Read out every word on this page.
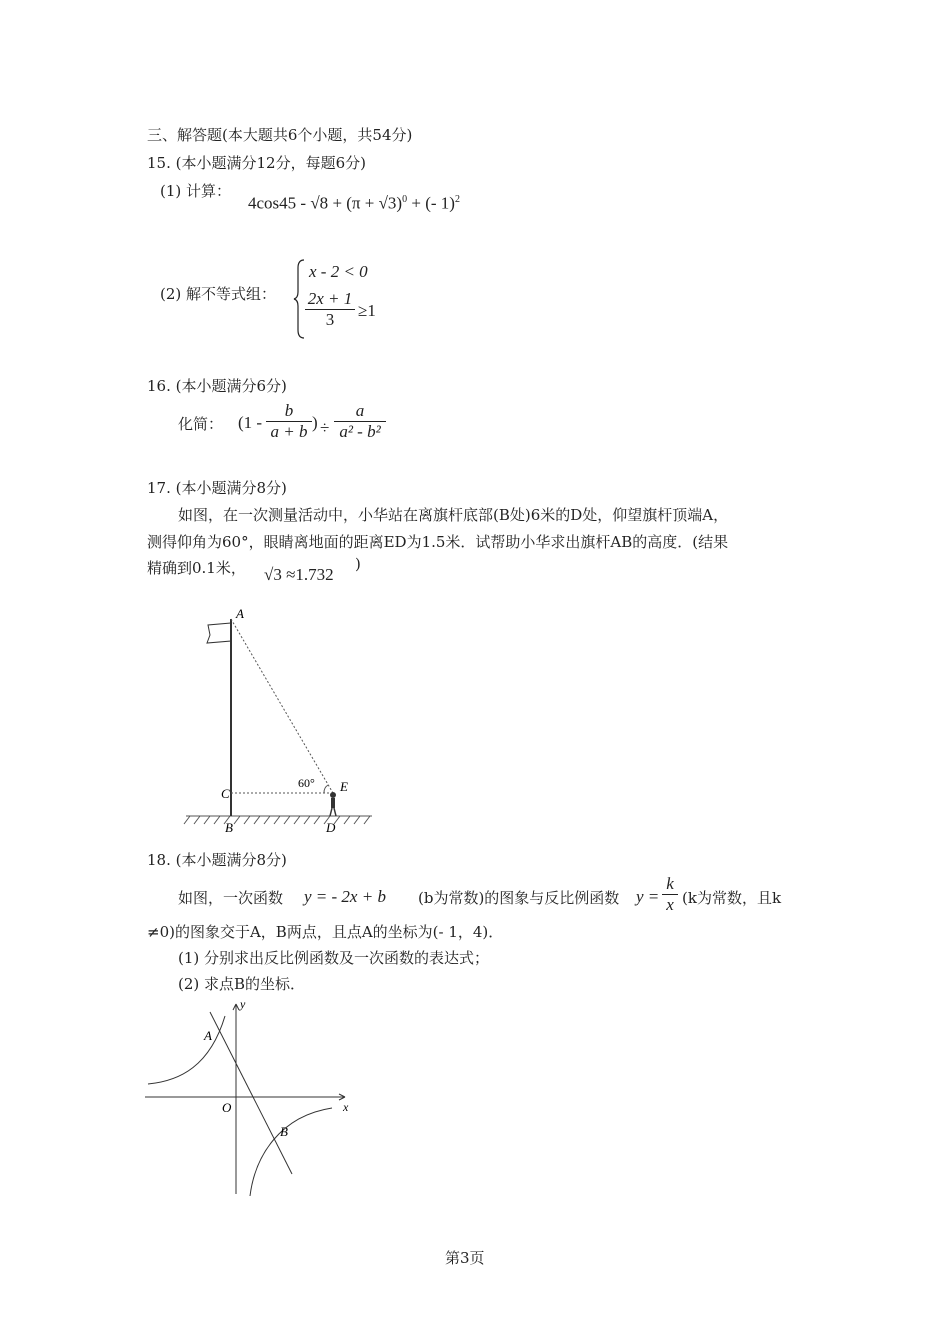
三、解答题(本大题共6个小题，共54分)
15. (本小题满分12分，每题6分)
(1) 计算：
$4\cos 45 - √8 + (\pi + √3)^0$ + (- 1)$^2$
(2) 解不等式组：
x - 2 < 0
$\frac{2x + 1}{3} \ge 1$
16. (本小题满分6分)
化简： ($1 - \frac{b}{a + b}$ ) ÷ $\frac{a}{\text{a² - b²}}$
17. (本小题满分8分)
如图，在一次测量活动中，小华站在离旗杆底部(B处)6米的D处，仰望旗杆顶端A，
测得仰角为60°，眼睛离地面的距离ED为1.5米．试帮助小华求出旗杆AB的高度．(结果
精确到0.1米， √3 ≈1.732
)
A
C
B	D
E
60°
18. (本小题满分8分)
如图，一次函数 y = - 2x + b (b为常数)的图象与反比例函数 $y = \frac{k}{x} (k$为常数，且k
≠0)的图象交于A，B两点，且点A的坐标为(- 1，4)．
(1) 分别求出反比例函数及一次函数的表达式；
(2) 求点B的坐标．
A
B
O	x
y
第3页
